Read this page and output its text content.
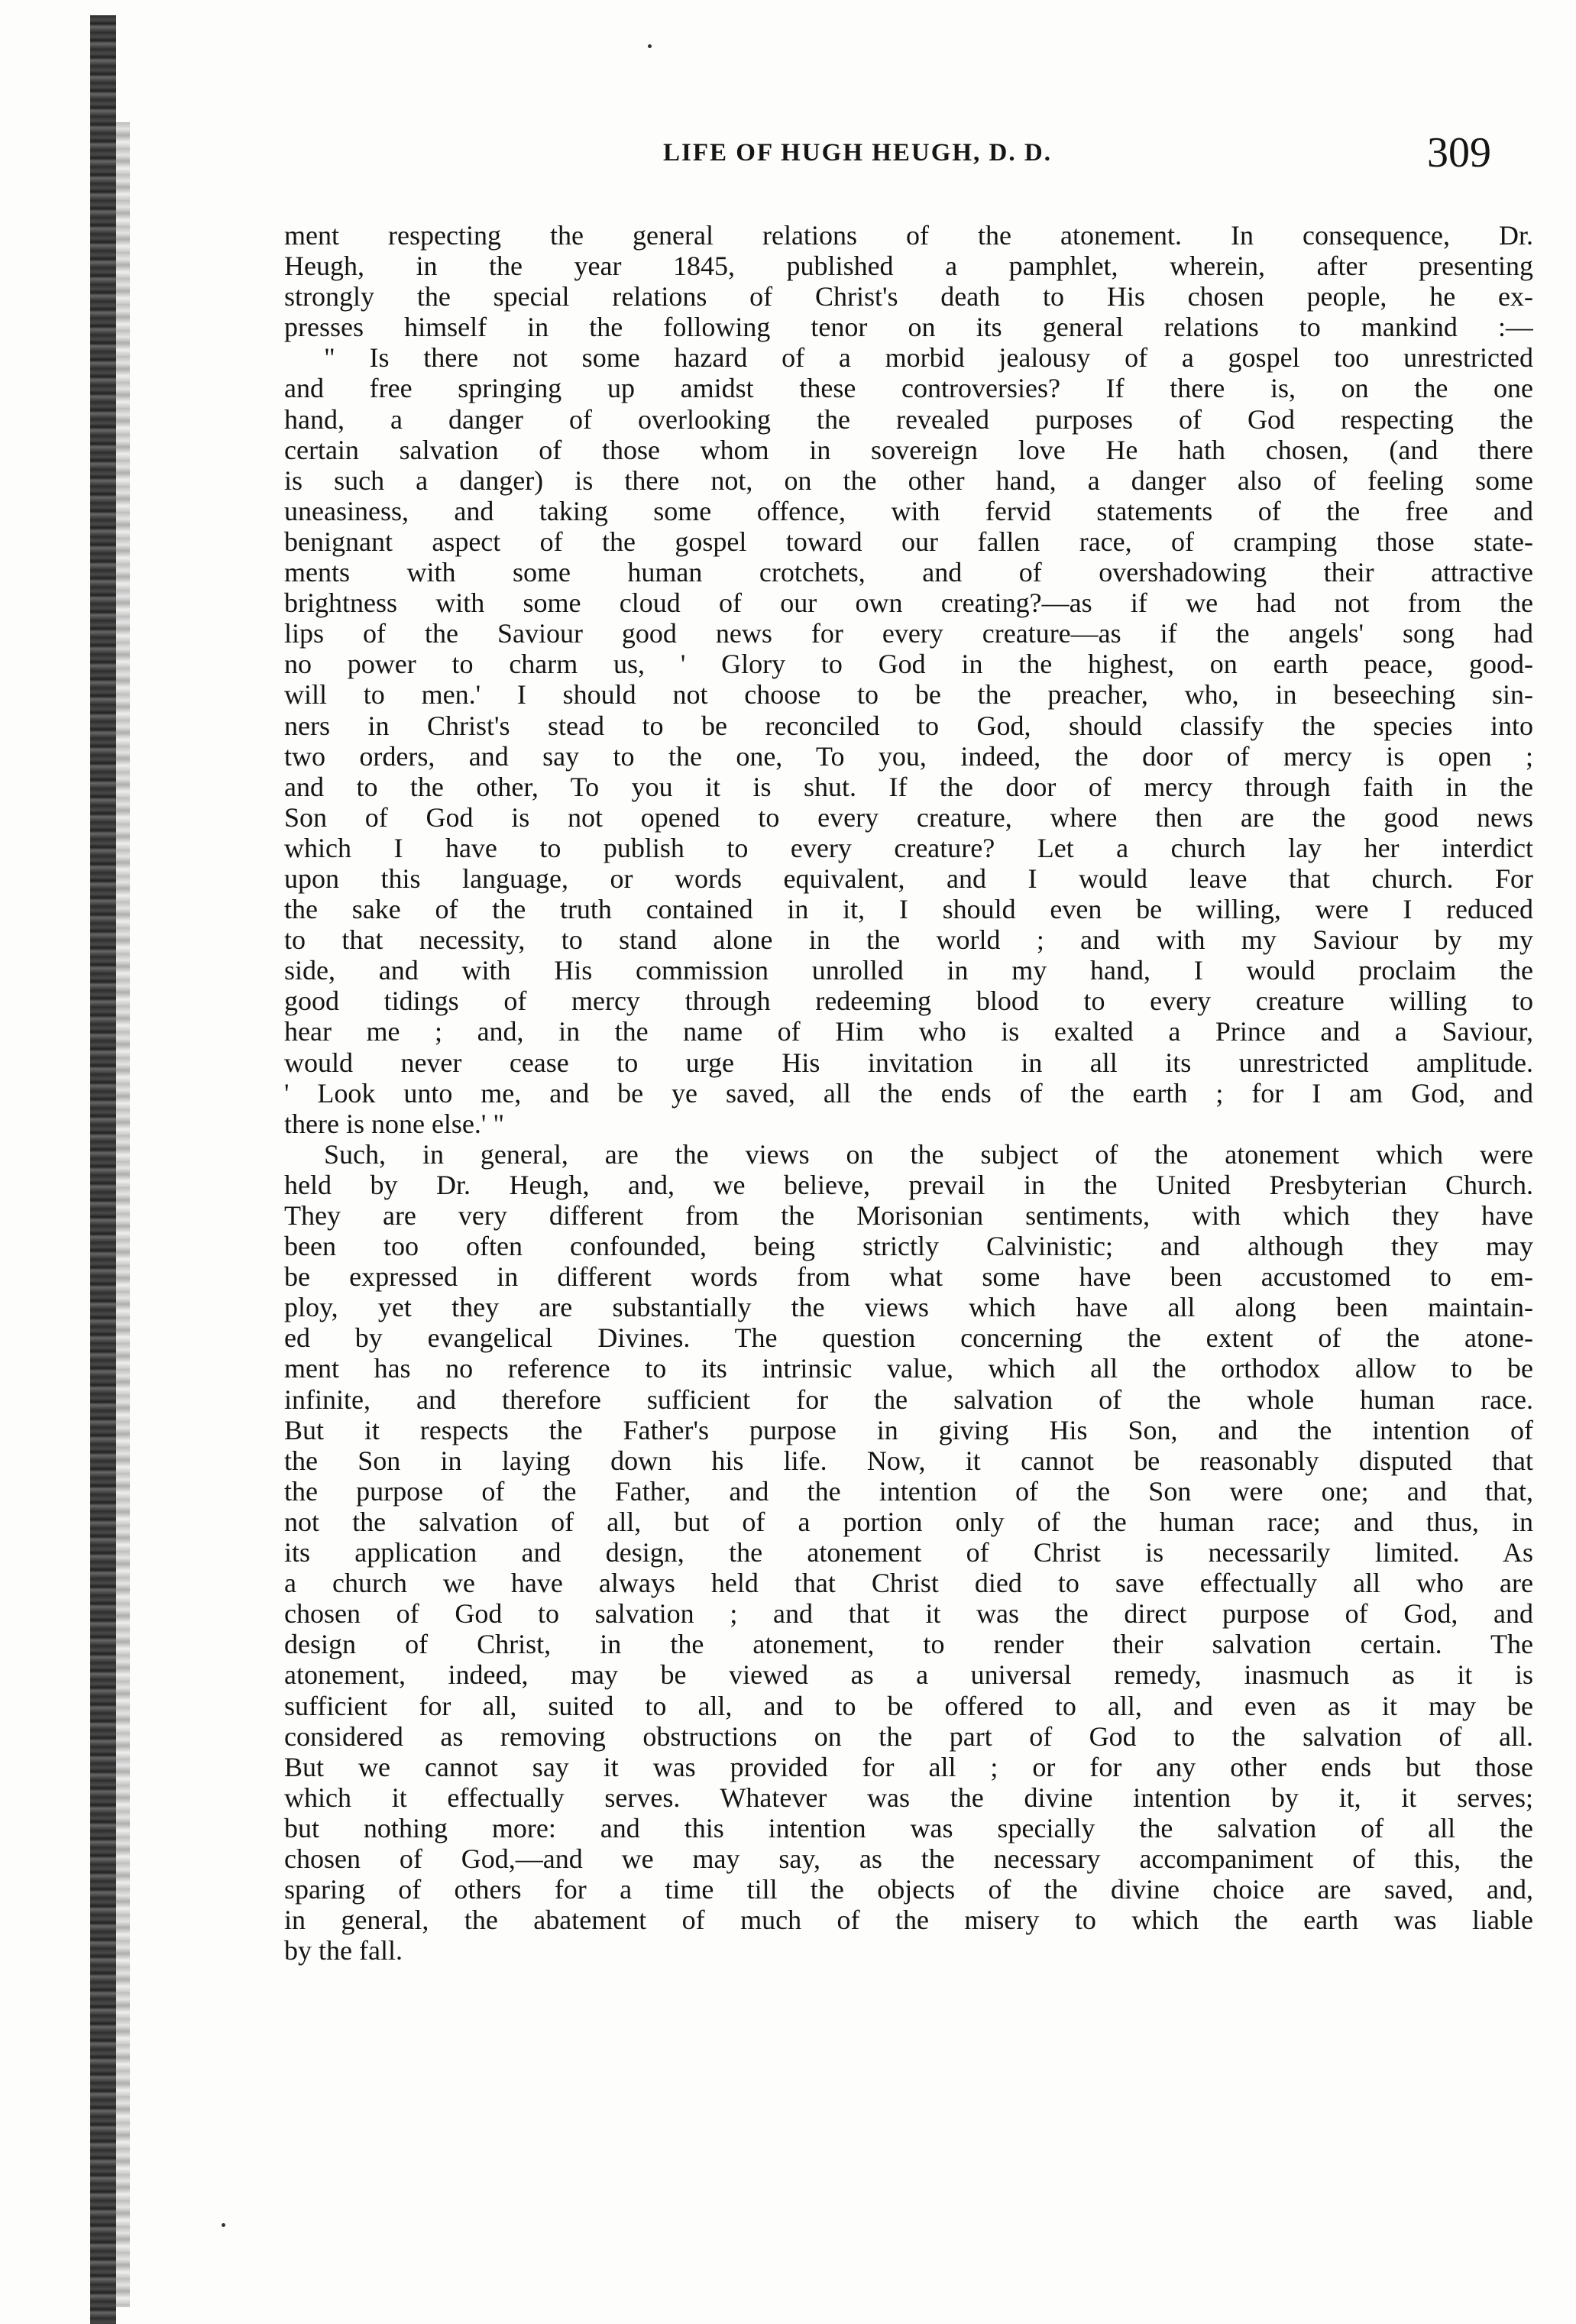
LIFE OF HUGH HEUGH, D. D.	309
ment respecting the general relations of the atonement. In consequence, Dr.
Heugh, in the year 1845, published a pamphlet, wherein, after presenting
strongly the special relations of Christ's death to His chosen people, he ex-
presses himself in the following tenor on its general relations to mankind :—
" Is there not some hazard of a morbid jealousy of a gospel too unrestricted
and free springing up amidst these controversies? If there is, on the one
hand, a danger of overlooking the revealed purposes of God respecting the
certain salvation of those whom in sovereign love He hath chosen, (and there
is such a danger) is there not, on the other hand, a danger also of feeling some
uneasiness, and taking some offence, with fervid statements of the free and
benignant aspect of the gospel toward our fallen race, of cramping those state-
ments with some human crotchets, and of overshadowing their attractive
brightness with some cloud of our own creating?—as if we had not from the
lips of the Saviour good news for every creature—as if the angels' song had
no power to charm us, ' Glory to God in the highest, on earth peace, good-
will to men.' I should not choose to be the preacher, who, in beseeching sin-
ners in Christ's stead to be reconciled to God, should classify the species into
two orders, and say to the one, To you, indeed, the door of mercy is open ;
and to the other, To you it is shut. If the door of mercy through faith in the
Son of God is not opened to every creature, where then are the good news
which I have to publish to every creature? Let a church lay her interdict
upon this language, or words equivalent, and I would leave that church. For
the sake of the truth contained in it, I should even be willing, were I reduced
to that necessity, to stand alone in the world ; and with my Saviour by my
side, and with His commission unrolled in my hand, I would proclaim the
good tidings of mercy through redeeming blood to every creature willing to
hear me ; and, in the name of Him who is exalted a Prince and a Saviour,
would never cease to urge His invitation in all its unrestricted amplitude.
' Look unto me, and be ye saved, all the ends of the earth ; for I am God, and
there is none else.' "
Such, in general, are the views on the subject of the atonement which were
held by Dr. Heugh, and, we believe, prevail in the United Presbyterian Church.
They are very different from the Morisonian sentiments, with which they have
been too often confounded, being strictly Calvinistic; and although they may
be expressed in different words from what some have been accustomed to em-
ploy, yet they are substantially the views which have all along been maintain-
ed by evangelical Divines. The question concerning the extent of the atone-
ment has no reference to its intrinsic value, which all the orthodox allow to be
infinite, and therefore sufficient for the salvation of the whole human race.
But it respects the Father's purpose in giving His Son, and the intention of
the Son in laying down his life. Now, it cannot be reasonably disputed that
the purpose of the Father, and the intention of the Son were one; and that,
not the salvation of all, but of a portion only of the human race; and thus, in
its application and design, the atonement of Christ is necessarily limited. As
a church we have always held that Christ died to save effectually all who are
chosen of God to salvation ; and that it was the direct purpose of God, and
design of Christ, in the atonement, to render their salvation certain. The
atonement, indeed, may be viewed as a universal remedy, inasmuch as it is
sufficient for all, suited to all, and to be offered to all, and even as it may be
considered as removing obstructions on the part of God to the salvation of all.
But we cannot say it was provided for all ; or for any other ends but those
which it effectually serves. Whatever was the divine intention by it, it serves;
but nothing more: and this intention was specially the salvation of all the
chosen of God,—and we may say, as the necessary accompaniment of this, the
sparing of others for a time till the objects of the divine choice are saved, and,
in general, the abatement of much of the misery to which the earth was liable
by the fall.
